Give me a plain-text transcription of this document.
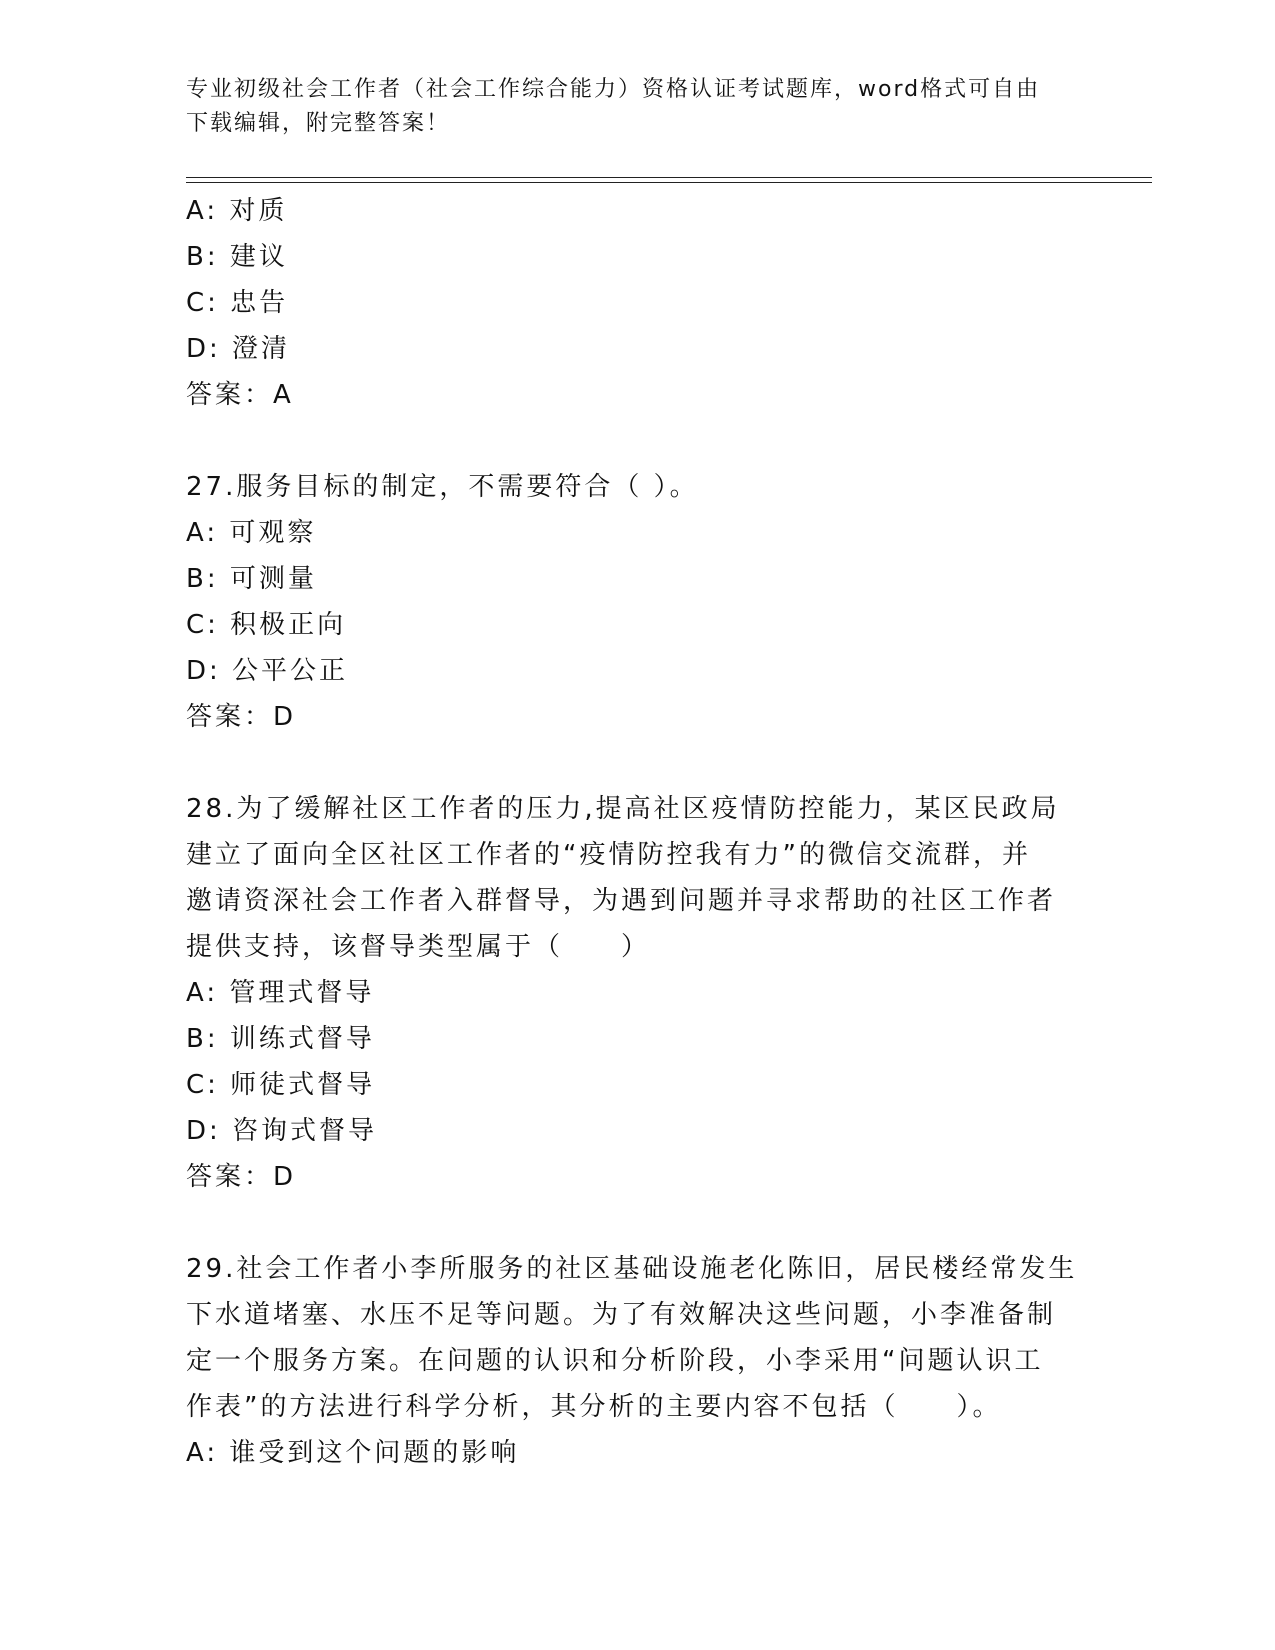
专业初级社会工作者（社会工作综合能力）资格认证考试题库，word格式可自由
下载编辑，附完整答案！
A: 对质
B: 建议
C: 忠告
D: 澄清
答案：A
27.服务目标的制定，不需要符合（ ）。
A: 可观察
B: 可测量
C: 积极正向
D: 公平公正
答案：D
28.为了缓解社区工作者的压力,提高社区疫情防控能力，某区民政局
建立了面向全区社区工作者的“疫情防控我有力”的微信交流群，并
邀请资深社会工作者入群督导，为遇到问题并寻求帮助的社区工作者
提供支持，该督导类型属于（　　）
A: 管理式督导
B: 训练式督导
C: 师徒式督导
D: 咨询式督导
答案：D
29.社会工作者小李所服务的社区基础设施老化陈旧，居民楼经常发生
下水道堵塞、水压不足等问题。为了有效解决这些问题，小李准备制
定一个服务方案。在问题的认识和分析阶段，小李采用“问题认识工
作表”的方法进行科学分析，其分析的主要内容不包括（　　）。
A: 谁受到这个问题的影响
